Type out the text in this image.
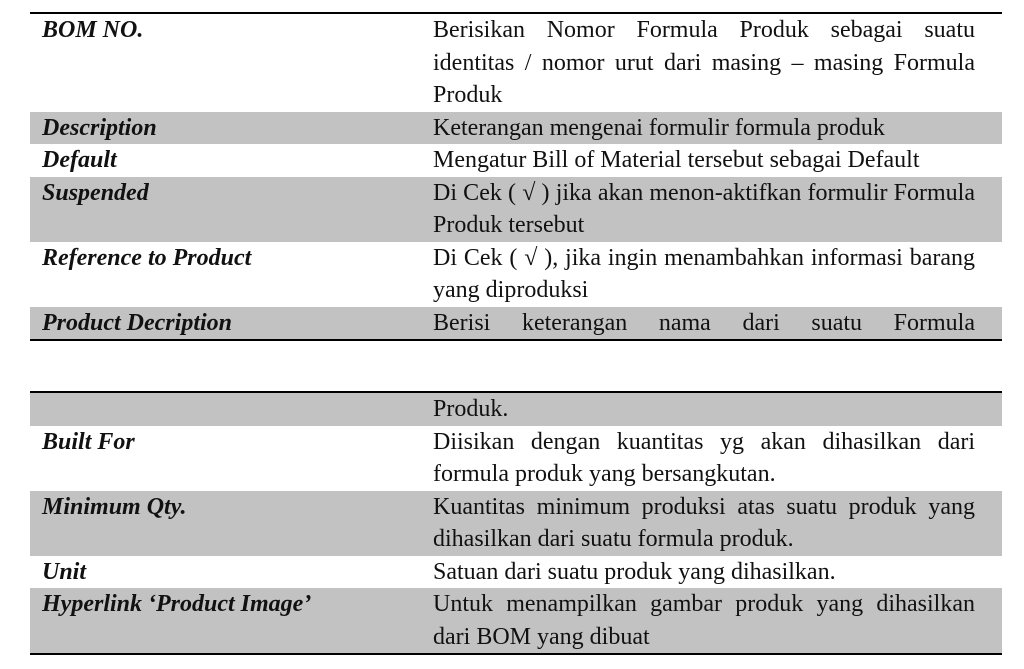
BOM NO.	Berisikan Nomor Formula Produk sebagai suatu identitas / nomor urut dari masing – masing Formula Produk
Description	Keterangan mengenai formulir formula produk
Default	Mengatur Bill of Material tersebut sebagai Default
Suspended	Di Cek ( √ ) jika akan menon-aktifkan formulir Formula Produk tersebut
Reference to Product	Di Cek ( √ ), jika ingin menambahkan informasi barang yang diproduksi
Product Decription	Berisi keterangan nama dari suatu Formula
Produk.
Built For	Diisikan dengan kuantitas yg akan dihasilkan dari formula produk yang bersangkutan.
Minimum Qty.	Kuantitas minimum produksi atas suatu produk yang dihasilkan dari suatu formula produk.
Unit	Satuan dari suatu produk yang dihasilkan.
Hyperlink ‘Product Image’	Untuk menampilkan gambar produk yang dihasilkan dari BOM yang dibuat
